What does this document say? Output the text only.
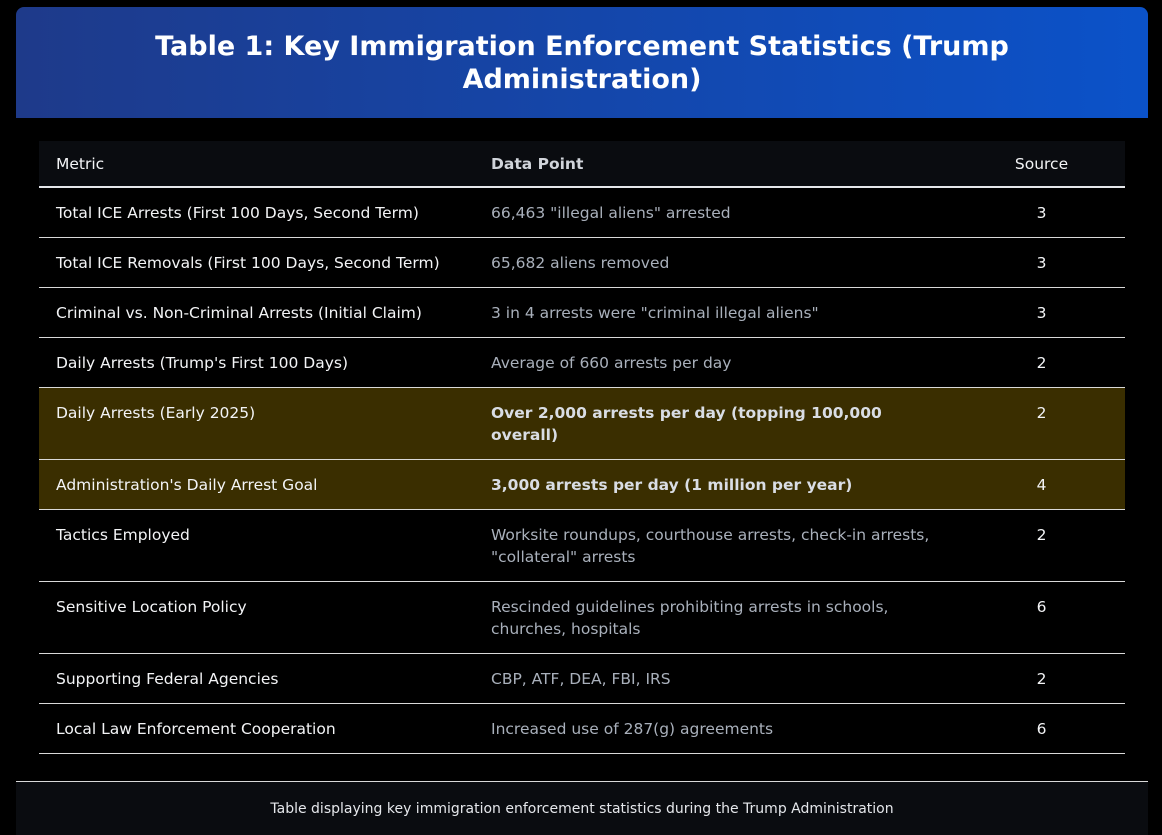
Table 1: Key Immigration Enforcement Statistics (Trump Administration)
Metric	Data Point	Source
Total ICE Arrests (First 100 Days, Second Term)	66,463 "illegal aliens" arrested	3
Total ICE Removals (First 100 Days, Second Term)	65,682 aliens removed	3
Criminal vs. Non-Criminal Arrests (Initial Claim)	3 in 4 arrests were "criminal illegal aliens"	3
Daily Arrests (Trump's First 100 Days)	Average of 660 arrests per day	2
Daily Arrests (Early 2025)	Over 2,000 arrests per day (topping 100,000 overall)	2
Administration's Daily Arrest Goal	3,000 arrests per day (1 million per year)	4
Tactics Employed	Worksite roundups, courthouse arrests, check-in arrests, "collateral" arrests	2
Sensitive Location Policy	Rescinded guidelines prohibiting arrests in schools, churches, hospitals	6
Supporting Federal Agencies	CBP, ATF, DEA, FBI, IRS	2
Local Law Enforcement Cooperation	Increased use of 287(g) agreements	6
Table displaying key immigration enforcement statistics during the Trump Administration
